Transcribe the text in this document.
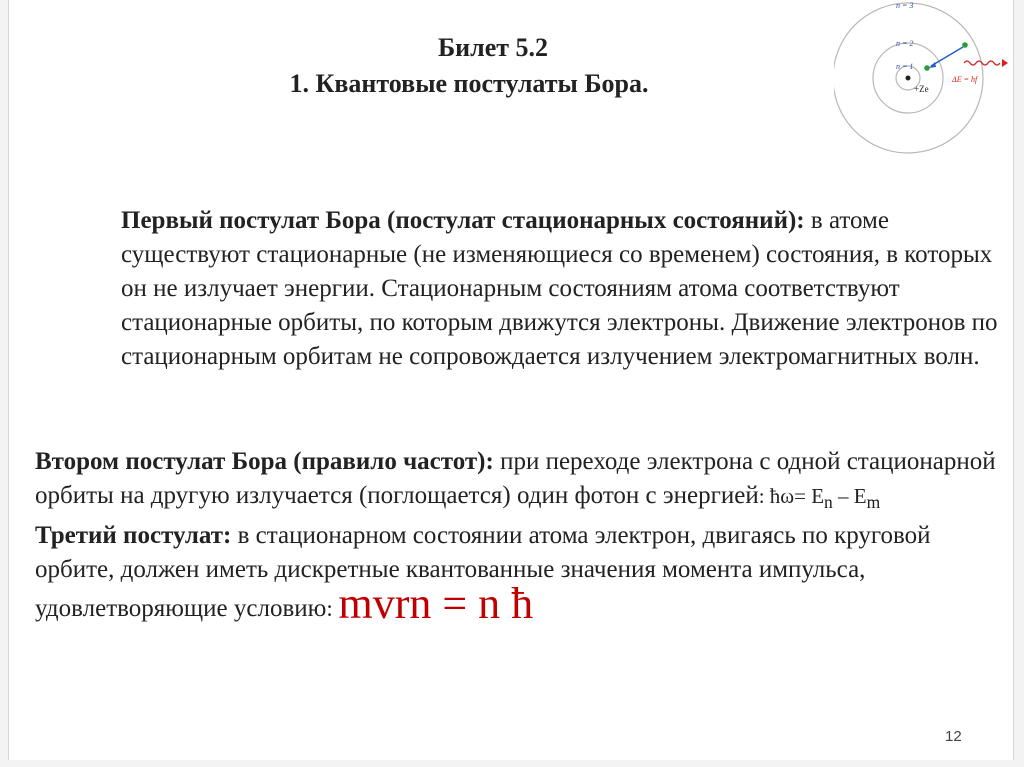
Билет 5.2
1. Квантовые постулаты Бора.
n = 3
n = 2
n = 1
+Ze
ΔE = hf
Первый постулат Бора (постулат стационарных состояний): в атоме существуют стационарные (не изменяющиеся со временем) состояния, в которых он не излучает энергии. Стационарным состояниям атома соответствуют стационарные орбиты, по которым движутся электроны. Движение электронов по стационарным орбитам не сопровождается излучением электромагнитных волн.
Втором постулат Бора (правило частот): при переходе электрона с одной стационарной орбиты на другую излучается (поглощается) один фотон с энергией: ħω= $E_n - E_m$
Третий постулат: в стационарном состоянии атома электрон, двигаясь по круговой орбите, должен иметь дискретные квантованные значения момента импульса, удовлетворяющие условию: mvrn = n ħ
12
